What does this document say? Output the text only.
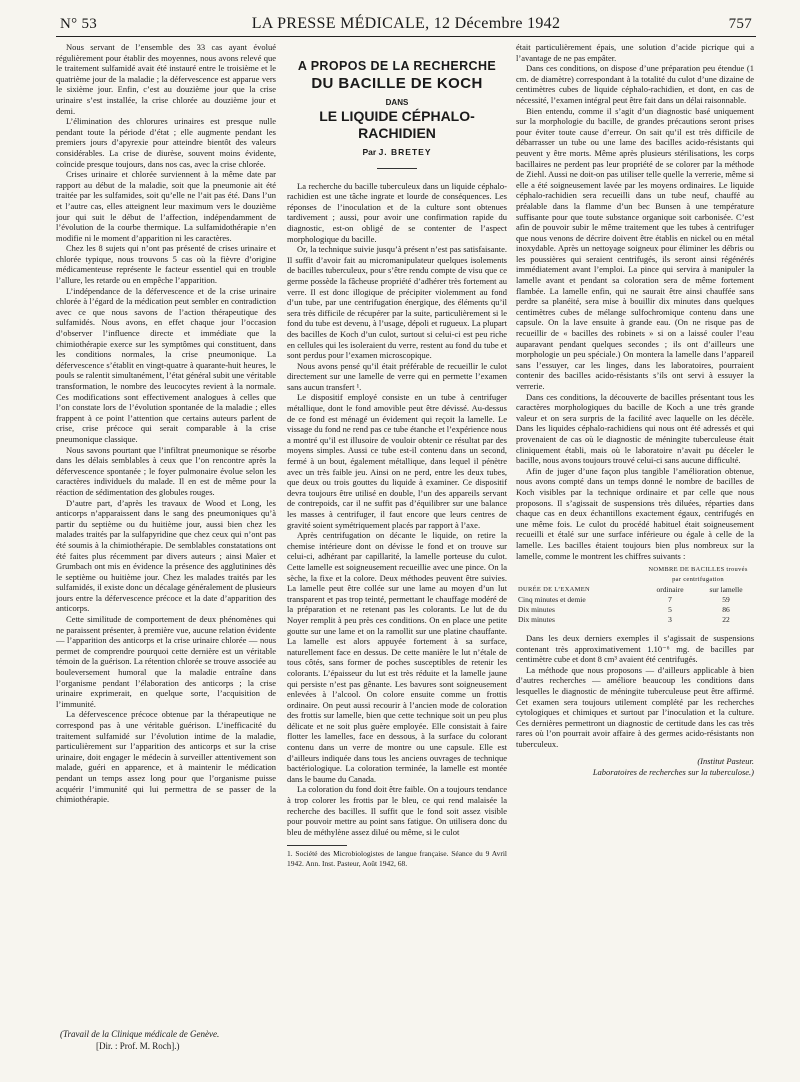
N° 53	LA PRESSE MÉDICALE, 12 Décembre 1942	757

Nous servant de l’ensemble des 33 cas ayant évolué régulièrement pour établir des moyennes, nous avons relevé que le traitement sulfamidé avait été instauré entre le troisième et le quatrième jour de la maladie ; la défervescence est apparue vers le sixième jour. Enfin, c’est au douzième jour que la crise urinaire s’est installée, la crise chlorée au douzième jour et demi.

L’élimination des chlorures urinaires est presque nulle pendant toute la période d’état ; elle augmente pendant les premiers jours d’apyrexie pour atteindre bientôt des valeurs considérables. La crise de diurèse, souvent moins évidente, coïncide presque toujours, dans nos cas, avec la crise chlorée.

Crises urinaire et chlorée surviennent à la même date par rapport au début de la maladie, soit que la pneumonie ait été traitée par les sulfamides, soit qu’elle ne l’ait pas été. Dans l’un et l’autre cas, elles atteignent leur maximum vers le douzième jour qui suit le début de l’affection, indépendamment de l’évolution de la courbe thermique. La sulfamidothérapie n’en modifie ni le moment d’apparition ni les caractères.

Chez les 8 sujets qui n’ont pas présenté de crises urinaire et chlorée typique, nous trouvons 5 cas où la fièvre d’origine médicamenteuse représente le facteur essentiel qui en trouble l’allure, les retarde ou en empêche l’apparition.

L’indépendance de la défervescence et de la crise urinaire chlorée à l’égard de la médication peut sembler en contradiction avec ce que nous savons de l’action thérapeutique des sulfamidés. Nous avons, en effet chaque jour l’occasion d’observer l’influence directe et immédiate que la chimiothérapie exerce sur les symptômes qui constituent, dans les conditions normales, la crise pneumonique. La défervescence s’établit en vingt-quatre à quarante-huit heures, le pouls se ralentit simultanément, l’état général subit une véritable transformation, le nombre des leucocytes revient à la normale. Ces modifications sont effectivement analogues à celles que l’on constate lors de l’évolution spontanée de la maladie ; elles frappent à ce point l’attention que certains auteurs parlent de crise, crise précoce qui serait comparable à la crise pneumonique classique.

Nous savons pourtant que l’infiltrat pneumonique se résorbe dans les délais semblables à ceux que l’on rencontre après la défervescence spontanée ; le foyer pulmonaire évolue selon les caractères individuels du malade. Il en est de même pour la réaction de sédimentation des globules rouges.

D’autre part, d’après les travaux de Wood et Long, les anticorps n’apparaissent dans le sang des pneumoniques qu’à partir du septième ou du huitième jour, aussi bien chez les malades traités par la sulfapyridine que chez ceux qui n’ont pas été soumis à la chimiothérapie. De semblables constatations ont été faites plus récemment par divers auteurs ; ainsi Maïer et Grumbach ont mis en évidence la présence des agglutinines dès le septième ou huitième jour. Chez les malades traités par les sulfamidés, il existe donc un décalage généralement de plusieurs jours entre la défervescence précoce et la date d’apparition des anticorps.

Cette similitude de comportement de deux phénomènes qui ne paraissent présenter, à première vue, aucune relation évidente — l’apparition des anticorps et la crise urinaire chlorée — nous permet de comprendre pourquoi cette dernière est un véritable témoin de la guérison. La rétention chlorée se trouve associée au bouleversement humoral que la maladie entraîne dans l’organisme pendant l’élaboration des anticorps ; la crise urinaire exprimerait, en quelque sorte, l’acquisition de l’immunité.

La défervescence précoce obtenue par la thérapeutique ne correspond pas à une véritable guérison. L’inefficacité du traitement sulfamidé sur l’évolution intime de la maladie, particulièrement sur l’apparition des anticorps et sur la crise urinaire, doit engager le médecin à surveiller attentivement son malade, guéri en apparence, et à maintenir le médication pendant un temps assez long pour que l’organisme puisse acquérir l’immunité qui lui permettra de se passer de la chimiothérapie.

(Travail de la Clinique médicale de Genève.
[Dir. : Prof. M. Roch].)
A PROPOS DE LA RECHERCHE
DU BACILLE DE KOCH
DANS
LE LIQUIDE CÉPHALO-RACHIDIEN
Par J. BRETEY

La recherche du bacille tuberculeux dans un liquide céphalo-rachidien est une tâche ingrate et lourde de conséquences. Les réponses de l’inoculation et de la culture sont obtenues tardivement ; aussi, pour avoir une confirmation rapide du diagnostic, est-on obligé de se contenter de l’aspect morphologique du bacille.

Or, la technique suivie jusqu’à présent n’est pas satisfaisante. Il suffit d’avoir fait au micromanipulateur quelques isolements de bacilles tuberculeux, pour s’être rendu compte de visu que ce germe possède la fâcheuse propriété d’adhérer très fortement au verre. Il est donc illogique de précipiter violemment au fond d’un tube, par une centrifugation énergique, des éléments qu’il sera très difficile de récupérer par la suite, particulièrement si le fond du tube est devenu, à l’usage, dépoli et rugueux. La plupart des bacilles de Koch d’un culot, surtout si celui-ci est peu riche en cellules qui les isoleraient du verre, restent au fond du tube et sont perdus pour l’examen microscopique.

Nous avons pensé qu’il était préférable de recueillir le culot directement sur une lamelle de verre qui en permette l’examen sans aucun transfert ¹.

Le dispositif employé consiste en un tube à centrifuger métallique, dont le fond amovible peut être dévissé. Au-dessus de ce fond est ménagé un évidement qui reçoit la lamelle. Le vissage du fond ne rend pas ce tube étanche et l’expérience nous a montré qu’il est illusoire de vouloir obtenir ce résultat par des moyens simples. Aussi ce tube est-il contenu dans un second, fermé à un bout, également métallique, dans lequel il pénètre avec un très faible jeu. Ainsi on ne perd, entre les deux tubes, que deux ou trois gouttes du liquide à examiner. Ce dispositif devra toujours être utilisé en double, l’un des appareils servant de contrepoids, car il ne suffit pas d’équilibrer sur une balance les masses à centrifuger, il faut encore que leurs centres de gravité soient symétriquement placés par rapport à l’axe.

Après centrifugation on décante le liquide, on retire la chemise intérieure dont on dévisse le fond et on trouve sur celui-ci, adhérant par capillarité, la lamelle porteuse du culot. Cette lamelle est soigneusement recueillie avec une pince. On la sèche, la fixe et la colore. Deux méthodes peuvent être suivies. La lamelle peut être collée sur une lame au moyen d’un lut transparent et pas trop teinté, permettant le chauffage modéré de la préparation et ne retenant pas les colorants. Le lut de du Noyer remplit à peu près ces conditions. On en place une petite goutte sur une lame et on la ramollit sur une platine chauffante. La lamelle est alors appuyée fortement à sa surface, naturellement face en dessus. De cette manière le lut n’étale de tous côtés, sans former de poches susceptibles de retenir les colorants. L’épaisseur du lut est très réduite et la lamelle jaune qui persiste n’est pas gênante. Les bavures sont soigneusement enlevées à l’alcool. On colore ensuite comme un frottis ordinaire. On peut aussi recourir à l’ancien mode de coloration des frottis sur lamelle, bien que cette technique soit un peu plus délicate et ne soit plus guère employée. Elle consistait à faire flotter les lamelles, face en dessous, à la surface du colorant contenu dans un verre de montre ou une capsule. Elle est d’ailleurs indiquée dans tous les anciens ouvrages de technique bactériologique. La coloration terminée, la lamelle est montée dans le baume du Canada.

La coloration du fond doit être faible. On a toujours tendance à trop colorer les frottis par le bleu, ce qui rend malaisée la recherche des bacilles. Il suffit que le fond soit assez visible pour pouvoir mettre au point sans fatigue. On utilisera donc du bleu de méthylène assez dilué ou même, si le culot

1. Société des Microbiologistes de langue française. Séance du 9 Avril 1942. Ann. Inst. Pasteur, Août 1942, 68.

était particulièrement épais, une solution d’acide picrique qui a l’avantage de ne pas empâter.

Dans ces conditions, on dispose d’une préparation peu étendue (1 cm. de diamètre) correspondant à la totalité du culot d’une dizaine de centimètres cubes de liquide céphalo-rachidien, et dont, en cas de nécessité, l’examen intégral peut être fait dans un délai raisonnable.

Bien entendu, comme il s’agit d’un diagnostic basé uniquement sur la morphologie du bacille, de grandes précautions seront prises pour éviter toute cause d’erreur. On sait qu’il est très difficile de débarrasser un tube ou une lame des bacilles acido-résistants qui peuvent y être morts. Même après plusieurs stérilisations, les corps bacillaires ne perdent pas leur propriété de se colorer par la méthode de Ziehl. Aussi ne doit-on pas utiliser telle quelle la verrerie, même si elle a été soigneusement lavée par les moyens ordinaires. Le liquide céphalo-rachidien sera recueilli dans un tube neuf, chauffé au préalable dans la flamme d’un bec Bunsen à une température suffisante pour que toute substance organique soit carbonisée. C’est afin de pouvoir subir le même traitement que les tubes à centrifuger que nous venons de décrire doivent être établis en nickel ou en métal inoxydable. Après un nettoyage soigneux pour éliminer les débris ou les poussières qui seraient centrifugés, ils seront ainsi régénérés immédiatement avant l’emploi. La pince qui servira à manipuler la lamelle avant et pendant sa coloration sera de même fortement flambée. La lamelle enfin, qui ne saurait être ainsi chauffée sans perdre sa planéité, sera mise à bouillir dix minutes dans quelques centimètres cubes de mélange sulfochromique contenu dans une capsule. On la lave ensuite à grande eau. (On ne risque pas de recueillir de « bacilles des robinets » si on a laissé couler l’eau auparavant pendant quelques secondes ; ils ont d’ailleurs une morphologie un peu spéciale.) On montera la lamelle dans l’appareil sans l’essuyer, car les linges, dans les laboratoires, pourraient contenir des bacilles acido-résistants s’ils ont servi à essuyer la verrerie.

Dans ces conditions, la découverte de bacilles présentant tous les caractères morphologiques du bacille de Koch a une très grande valeur et on sera surpris de la facilité avec laquelle on les décèle. Dans les liquides céphalo-rachidiens qui nous ont été adressés et qui provenaient de cas où le diagnostic de méningite tuberculeuse était cliniquement établi, mais où le laboratoire n’avait pu déceler le bacille, nous avons toujours trouvé celui-ci sans aucune difficulté.

Afin de juger d’une façon plus tangible l’amélioration obtenue, nous avons compté dans un temps donné le nombre de bacilles de Koch visibles par la technique ordinaire et par celle que nous proposons. Il s’agissait de suspensions très diluées, réparties dans chaque cas en deux échantillons exactement égaux, centrifugés en une même fois. Le culot du procédé habituel était soigneusement recueilli et étalé sur une surface inférieure ou égale à celle de la lamelle. Les bacilles étaient toujours bien plus nombreux sur la lamelle, comme le montrent les chiffres suivants :

	NOMBRE DE BACILLES trouvés par centrifugation	
DURÉE DE L’EXAMEN	ordinaire	sur lamelle
Cinq minutes et demie	7	59
Dix minutes	5	86
Dix minutes	3	22

Dans les deux derniers exemples il s’agissait de suspensions contenant très approximativement 1.10⁻⁶ mg. de bacilles par centimètre cube et dont 8 cm³ avaient été centrifugés.

La méthode que nous proposons — d’ailleurs applicable à bien d’autres recherches — améliore beaucoup les conditions dans lesquelles le diagnostic de méningite tuberculeuse peut être affirmé. Cet examen sera toujours utilement complété par les recherches cytologiques et chimiques et surtout par l’inoculation et la culture. Ces dernières permettront un diagnostic de certitude dans les cas très rares où l’on pourrait avoir affaire à des germes acido-résistants non tuberculeux.

(Institut Pasteur.
Laboratoires de recherches sur la tuberculose.)
